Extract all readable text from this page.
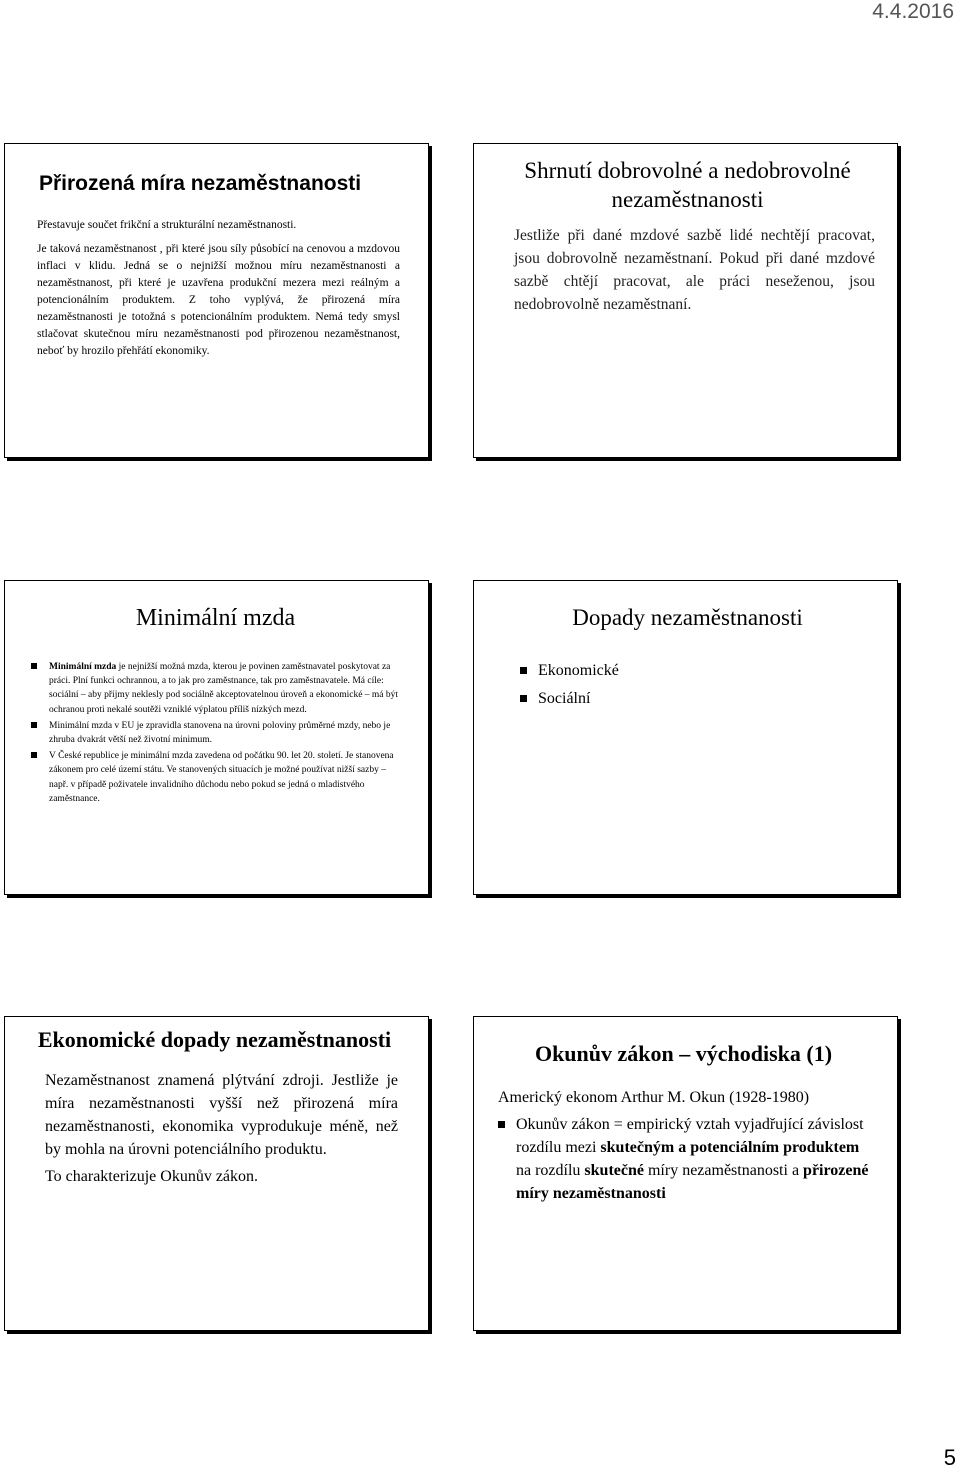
4.4.2016
Přirozená míra nezaměstnanosti

Přestavuje součet frikční a strukturální nezaměstnanosti.

Je taková nezaměstnanost , při které jsou síly působící na cenovou a mzdovou inflaci v klidu. Jedná se o nejnižší možnou míru nezaměstnanosti a nezaměstnanost, při které je uzavřena produkční mezera mezi reálným a potencionálním produktem. Z toho vyplývá, že přirozená míra nezaměstnanosti je totožná s potencionálním produktem. Nemá tedy smysl stlačovat skutečnou míru nezaměstnanosti pod přirozenou nezaměstnanost, neboť by hrozilo přehřátí ekonomiky.

Shrnutí dobrovolné a nedobrovolné nezaměstnanosti

Jestliže při dané mzdové sazbě lidé nechtějí pracovat, jsou dobrovolně nezaměstnaní. Pokud při dané mzdové sazbě chtějí pracovat, ale práci neseženou, jsou nedobrovolně nezaměstnaní.

Minimální mzda
Minimální mzda je nejnižší možná mzda, kterou je povinen zaměstnavatel poskytovat za práci. Plní funkci ochrannou, a to jak pro zaměstnance, tak pro zaměstnavatele. Má cíle: sociální – aby příjmy neklesly pod sociálně akceptovatelnou úroveň a ekonomické – má být ochranou proti nekalé soutěži vzniklé výplatou příliš nízkých mezd.
Minimální mzda v EU je zpravidla stanovena na úrovni poloviny průměrné mzdy, nebo je zhruba dvakrát větší než životní minimum.
V České republice je minimální mzda zavedena od počátku 90. let 20. století. Je stanovena zákonem pro celé území státu. Ve stanovených situacích je možné používat nižší sazby – např. v případě poživatele invalidního důchodu nebo pokud se jedná o mladistvého zaměstnance.
Dopady nezaměstnanosti
Ekonomické
Sociální
Ekonomické dopady nezaměstnanosti

Nezaměstnanost znamená plýtvání zdroji. Jestliže je míra nezaměstnanosti vyšší než přirozená míra nezaměstnanosti, ekonomika vyprodukuje méně, než by mohla na úrovni potenciálního produktu.

To charakterizuje Okunův zákon.

Okunův zákon – východiska (1)
Americký ekonom Arthur M. Okun (1928-1980)
Okunův zákon = empirický vztah vyjadřující závislost rozdílu mezi skutečným a potenciálním produktem na rozdílu skutečné míry nezaměstnanosti a přirozené míry nezaměstnanosti
5
